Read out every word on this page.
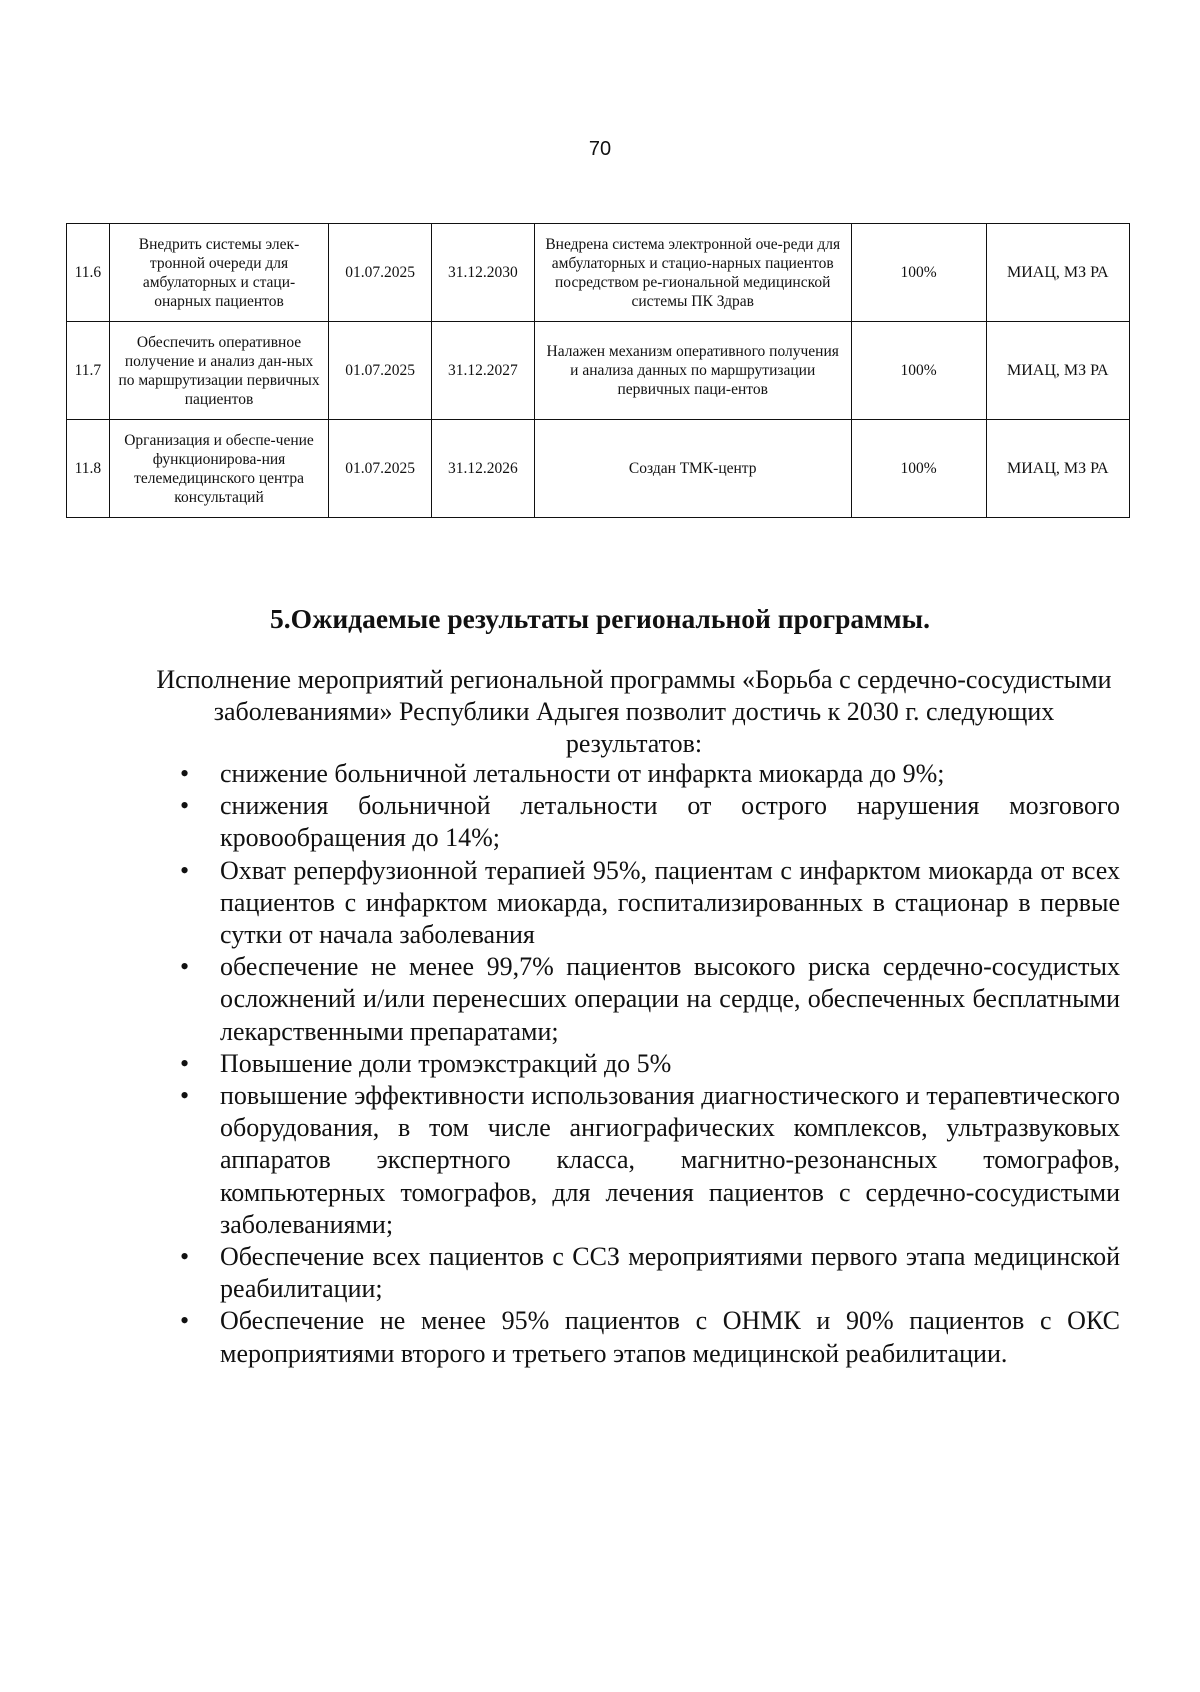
70
11.6	Внедрить системы элек-тронной очереди для амбулаторных и стаци-онарных пациентов	01.07.2025	31.12.2030	Внедрена система электронной оче-реди для амбулаторных и стацио-нарных пациентов посредством ре-гиональной медицинской системы ПК Здрав	100%	МИАЦ, МЗ РА
11.7	Обеспечить оперативное получение и анализ дан-ных по маршрутизации первичных пациентов	01.07.2025	31.12.2027	Налажен механизм оперативного получения и анализа данных по маршрутизации первичных паци-ентов	100%	МИАЦ, МЗ РА
11.8	Организация и обеспе-чение функционирова-ния телемедицинского центра консультаций	01.07.2025	31.12.2026	Создан ТМК-центр	100%	МИАЦ, МЗ РА
5.Ожидаемые результаты региональной программы.
Исполнение мероприятий региональной программы «Борьба с сердечно-сосудистыми заболеваниями» Республики Адыгея позволит достичь к 2030 г. следующих результатов:
• снижение больничной летальности от инфаркта миокарда до 9%;
• снижения больничной летальности от острого нарушения мозгового кровообращения до 14%;
• Охват реперфузионной терапией 95%, пациентам с инфарктом миокарда от всех пациентов с инфарктом миокарда, госпитализированных в стационар в первые сутки от начала заболевания
• обеспечение не менее 99,7% пациентов высокого риска сердечно-сосудистых осложнений и/или перенесших операции на сердце, обеспеченных бесплатными лекарственными препаратами;
• Повышение доли тромэкстракций до 5%
• повышение эффективности использования диагностического и терапевтического оборудования, в том числе ангиографических комплексов, ультразвуковых аппаратов экспертного класса, магнитно-резонансных томографов, компьютерных томографов, для лечения пациентов с сердечно-сосудистыми заболеваниями;
• Обеспечение всех пациентов с ССЗ мероприятиями первого этапа медицинской реабилитации;
• Обеспечение не менее 95% пациентов с ОНМК и 90% пациентов с ОКС мероприятиями второго и третьего этапов медицинской реабилитации.
